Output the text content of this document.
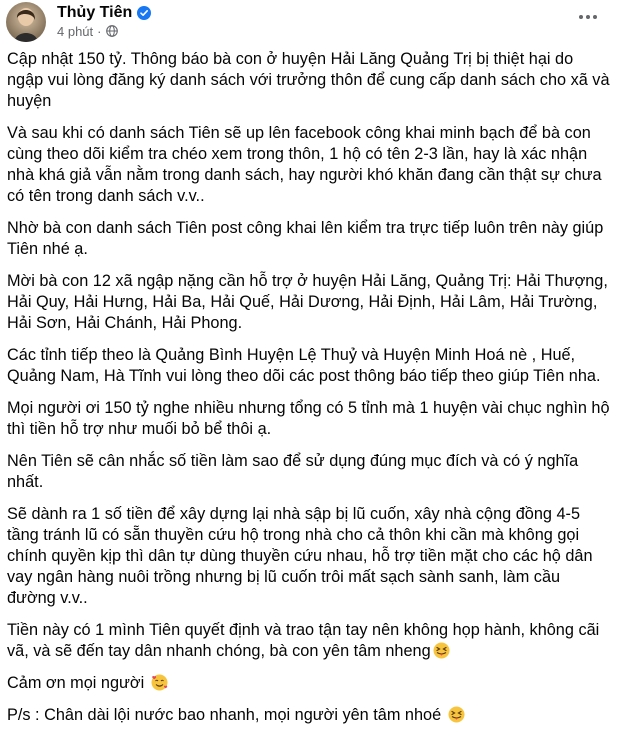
Thủy Tiên
4 phút ·

Cập nhật 150 tỷ. Thông báo bà con ở huyện Hải Lăng Quảng Trị bị thiệt hại do ngập vui lòng đăng ký danh sách với trưởng thôn để cung cấp danh sách cho xã và huyện

Và sau khi có danh sách Tiên sẽ up lên facebook công khai minh bạch để bà con cùng theo dõi kiểm tra chéo xem trong thôn, 1 hộ có tên 2-3 lần, hay là xác nhận nhà khá giả vẫn nằm trong danh sách, hay người khó khăn đang cần thật sự chưa có tên trong danh sách v.v..

Nhờ bà con danh sách Tiên post công khai lên kiểm tra trực tiếp luôn trên này giúp Tiên nhé ạ.

Mời bà con 12 xã ngập nặng cần hỗ trợ ở huyện Hải Lăng, Quảng Trị: Hải Thượng, Hải Quy, Hải Hưng, Hải Ba, Hải Quế, Hải Dương, Hải Định, Hải Lâm, Hải Trường, Hải Sơn, Hải Chánh, Hải Phong.

Các tỉnh tiếp theo là Quảng Bình Huyện Lệ Thuỷ và Huyện Minh Hoá nè , Huế, Quảng Nam, Hà Tĩnh vui lòng theo dõi các post thông báo tiếp theo giúp Tiên nha.

Mọi người ơi 150 tỷ nghe nhiều nhưng tổng có 5 tỉnh mà 1 huyện vài chục nghìn hộ thì tiền hỗ trợ như muối bỏ bể thôi ạ.

Nên Tiên sẽ cân nhắc số tiền làm sao để sử dụng đúng mục đích và có ý nghĩa nhất.

Sẽ dành ra 1 số tiền để xây dựng lại nhà sập bị lũ cuốn, xây nhà cộng đồng 4-5 tầng tránh lũ có sẵn thuyền cứu hộ trong nhà cho cả thôn khi cần mà không gọi chính quyền kịp thì dân tự dùng thuyền cứu nhau, hỗ trợ tiền mặt cho các hộ dân vay ngân hàng nuôi trồng nhưng bị lũ cuốn trôi mất sạch sành sanh, làm cầu đường v.v..

Tiền này có 1 mình Tiên quyết định và trao tận tay nên không họp hành, không cãi vã, và sẽ đến tay dân nhanh chóng, bà con yên tâm nheng

Cảm ơn mọi người

P/s : Chân dài lội nước bao nhanh, mọi người yên tâm nhoé
